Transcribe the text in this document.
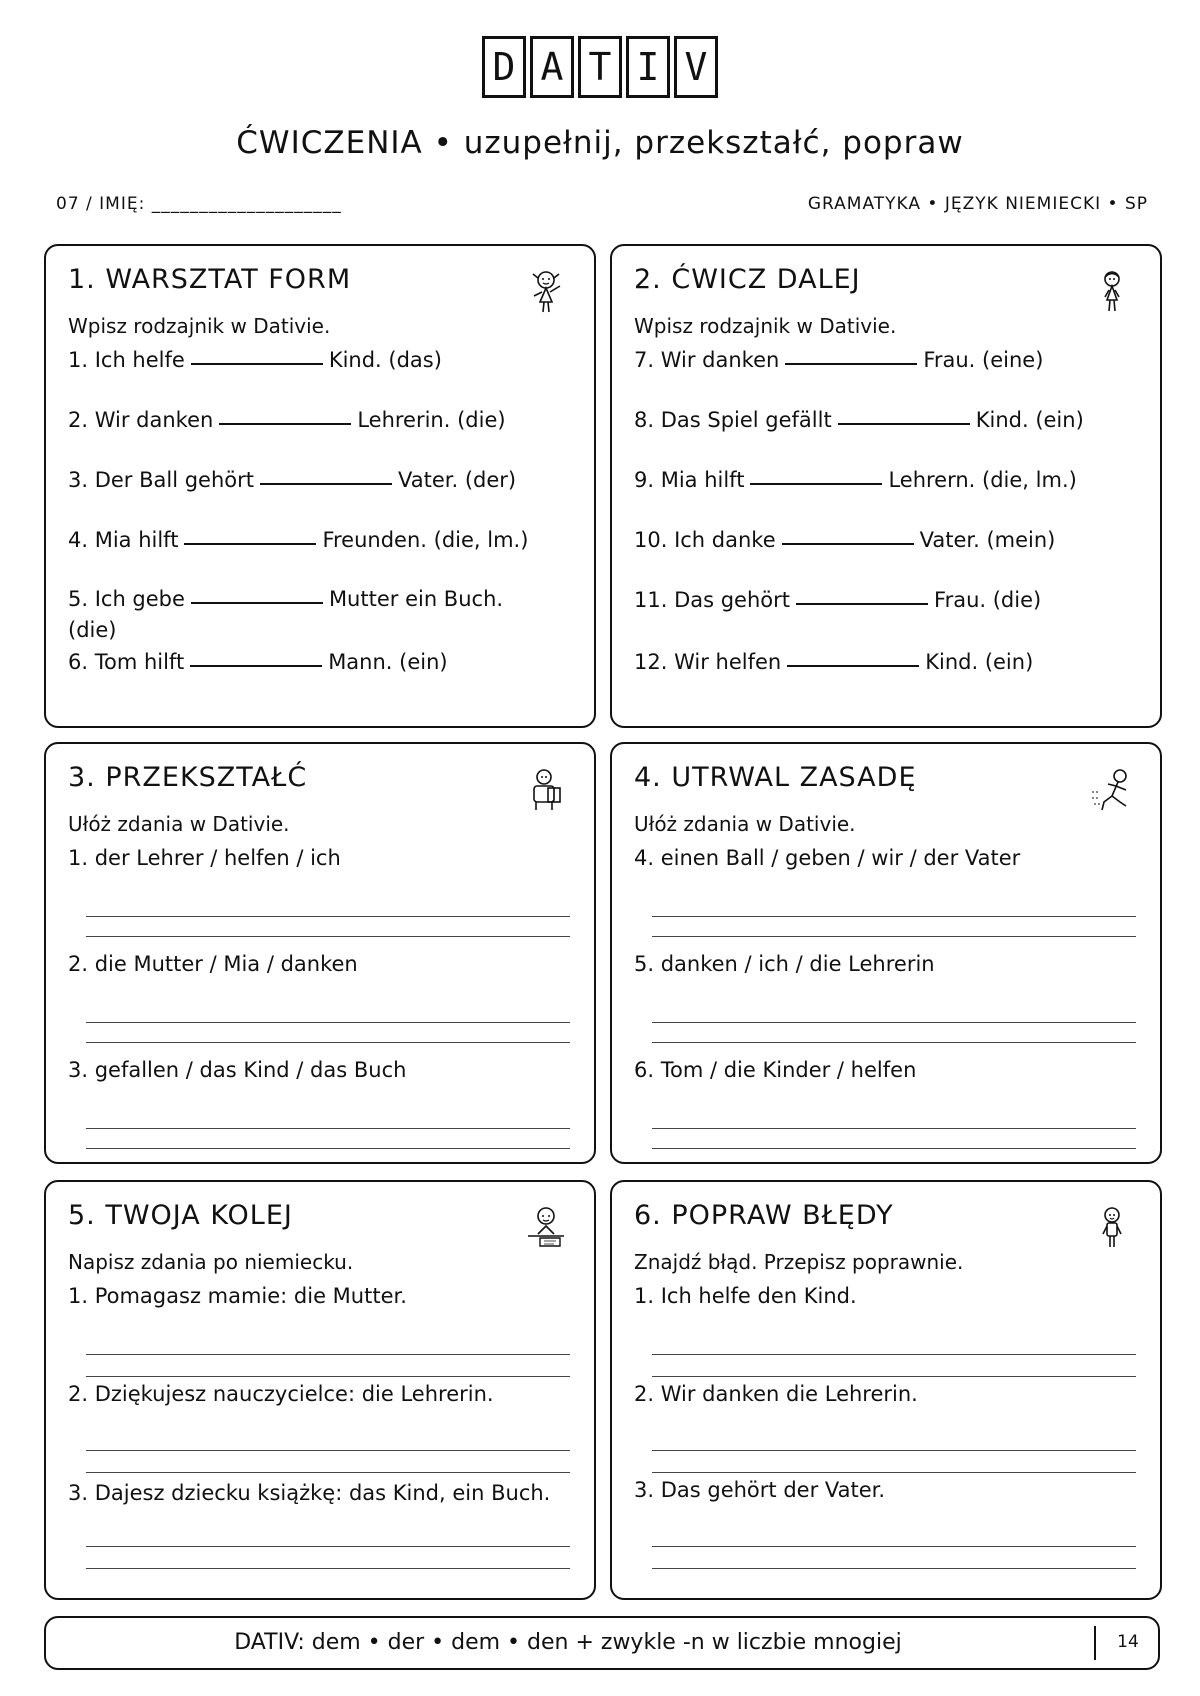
D A T I V
ĆWICZENIA • uzupełnij, przekształć, popraw
07 / IMIĘ: ____________________	GRAMATYKA • JĘZYK NIEMIECKI • SP
1. WARSZTAT FORM
Wpisz rodzajnik w Dativie.
1. Ich helfe	Kind. (das)
2. Wir danken	Lehrerin. (die)
3. Der Ball gehört	Vater. (der)
4. Mia hilft	Freunden. (die, lm.)
5. Ich gebe	Mutter ein Buch. (die)
6. Tom hilft	Mann. (ein)
2. ĆWICZ DALEJ
Wpisz rodzajnik w Dativie.
7. Wir danken	Frau. (eine)
8. Das Spiel gefällt	Kind. (ein)
9. Mia hilft	Lehrern. (die, lm.)
10. Ich danke	Vater. (mein)
11. Das gehört	Frau. (die)
12. Wir helfen	Kind. (ein)
3. PRZEKSZTAŁĆ
Ułóż zdania w Dativie.
1. der Lehrer / helfen / ich
2. die Mutter / Mia / danken
3. gefallen / das Kind / das Buch
4. UTRWAL ZASADĘ
Ułóż zdania w Dativie.
4. einen Ball / geben / wir / der Vater
5. danken / ich / die Lehrerin
6. Tom / die Kinder / helfen
5. TWOJA KOLEJ
Napisz zdania po niemiecku.
1. Pomagasz mamie: die Mutter.
2. Dziękujesz nauczycielce: die Lehrerin.
3. Dajesz dziecku książkę: das Kind, ein Buch.
6. POPRAW BŁĘDY
Znajdź błąd. Przepisz poprawnie.
1. Ich helfe den Kind.
2. Wir danken die Lehrerin.
3. Das gehört der Vater.
DATIV: dem • der • dem • den + zwykle -n w liczbie mnogiej	14
